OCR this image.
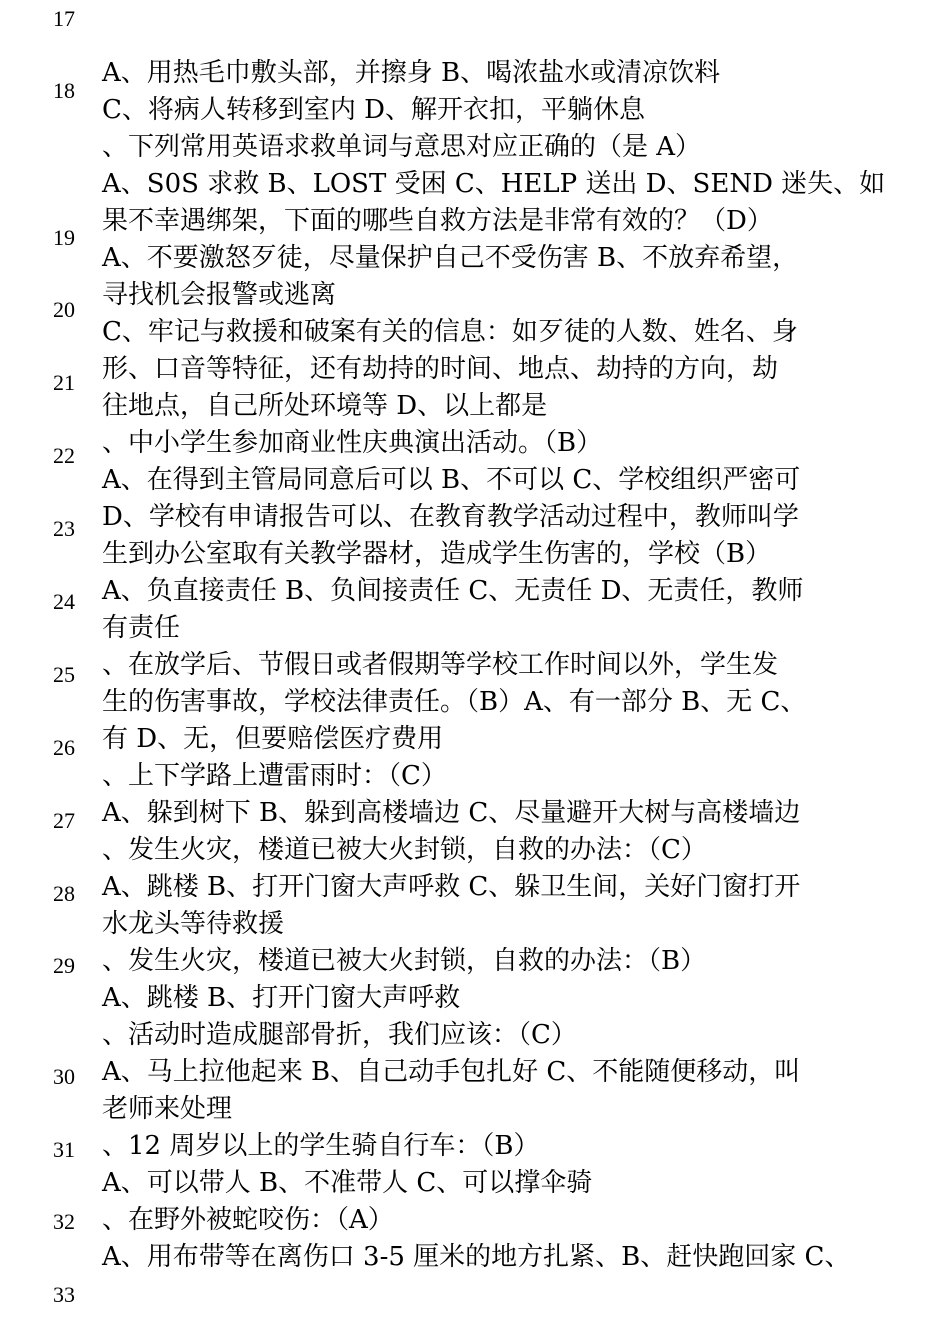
17
18
19
20
21
22
23
24
25
26
27
28
29
30
31
32
33
A、用热毛巾敷头部，并擦身 B、喝浓盐水或清凉饮料
C、将病人转移到室内 D、解开衣扣，平躺休息
、下列常用英语求救单词与意思对应正确的（是 A）
A、S0S 求救 B、LOST 受困 C、HELP 送出 D、SEND 迷失、如
果不幸遇绑架，下面的哪些自救方法是非常有效的？（D）
A、不要激怒歹徒，尽量保护自己不受伤害 B、不放弃希望，
寻找机会报警或逃离
C、牢记与救援和破案有关的信息：如歹徒的人数、姓名、身
形、口音等特征，还有劫持的时间、地点、劫持的方向，劫
往地点，自己所处环境等 D、以上都是
、中小学生参加商业性庆典演出活动。（B）
A、在得到主管局同意后可以 B、不可以 C、学校组织严密可
D、学校有申请报告可以、在教育教学活动过程中，教师叫学
生到办公室取有关教学器材，造成学生伤害的，学校（B）
A、负直接责任 B、负间接责任 C、无责任 D、无责任，教师
有责任
、在放学后、节假日或者假期等学校工作时间以外，学生发
生的伤害事故，学校法律责任。（B）A、有一部分 B、无 C、
有 D、无，但要赔偿医疗费用
、上下学路上遭雷雨时：（C）
A、躲到树下 B、躲到高楼墙边 C、尽量避开大树与高楼墙边
、发生火灾，楼道已被大火封锁，自救的办法：（C）
A、跳楼 B、打开门窗大声呼救 C、躲卫生间，关好门窗打开
水龙头等待救援
、发生火灾，楼道已被大火封锁，自救的办法：（B）
A、跳楼 B、打开门窗大声呼救
、活动时造成腿部骨折，我们应该：（C）
A、马上拉他起来 B、自己动手包扎好 C、不能随便移动，叫
老师来处理
、12 周岁以上的学生骑自行车：（B）
A、可以带人 B、不准带人 C、可以撑伞骑
、在野外被蛇咬伤：（A）
A、用布带等在离伤口 3-5 厘米的地方扎紧、B、赶快跑回家 C、
